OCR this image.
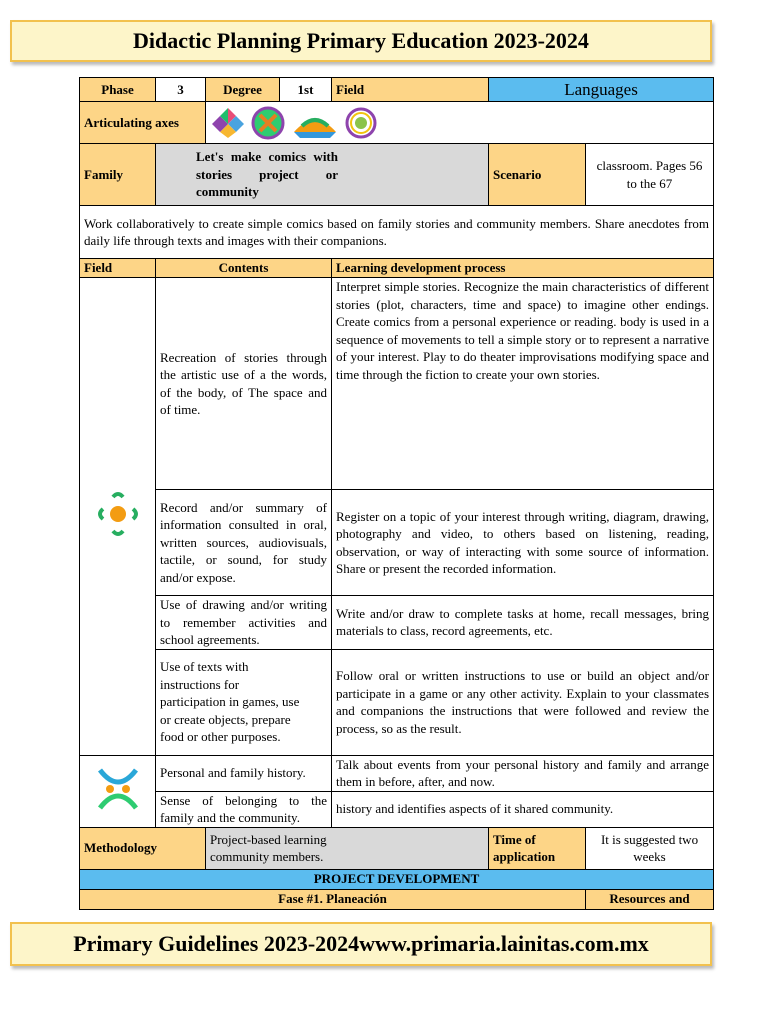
Didactic Planning Primary Education 2023-2024
Phase	3	Degree	1st	Field	Languages	
Articulating axes	

Family	Let's make comics with stories project or community				Scenario	classroom. Pages 56 to the 67
Work collaboratively to create simple comics based on family stories and community members. Share anecdotes from daily life through texts and images with their companions.						
Field	Contents			Learning development process		
	Recreation of stories through the artistic use of a the words, of the body, of The space and of time.			Interpret simple stories. Recognize the main characteristics of different stories (plot, characters, time and space) to imagine other endings. Create comics from a personal experience or reading. body is used in a sequence of movements to tell a simple story or to represent a narrative of your interest. Play to do theater improvisations modifying space and time through the fiction to create your own stories.		
	Record and/or summary of information consulted in oral, written sources, audiovisuals, tactile, or sound, for study and/or expose.			Register on a topic of your interest through writing, diagram, drawing, photography and video, to others based on listening, reading, observation, or way of interacting with some source of information. Share or present the recorded information.		
	Use of drawing and/or writing to remember activities and school agreements.			Write and/or draw to complete tasks at home, recall messages, bring materials to class, record agreements, etc.		
	Use of texts with instructions for participation in games, use or create objects, prepare food or other purposes.			Follow oral or written instructions to use or build an object and/or participate in a game or any other activity. Explain to your classmates and companions the instructions that were followed and review the process, so as the result.		
	Personal and family history.			Talk about events from your personal history and family and arrange them in before, after, and now.		
	Sense of belonging to the family and the community.			history and identifies aspects of it shared community.		
Methodology		Project-based learning community members.			Time of application	It is suggested two weeks
PROJECT DEVELOPMENT						
Fase #1. Planeación						Resources and
Primary Guidelines 2023-2024www.primaria.lainitas.com.mx
